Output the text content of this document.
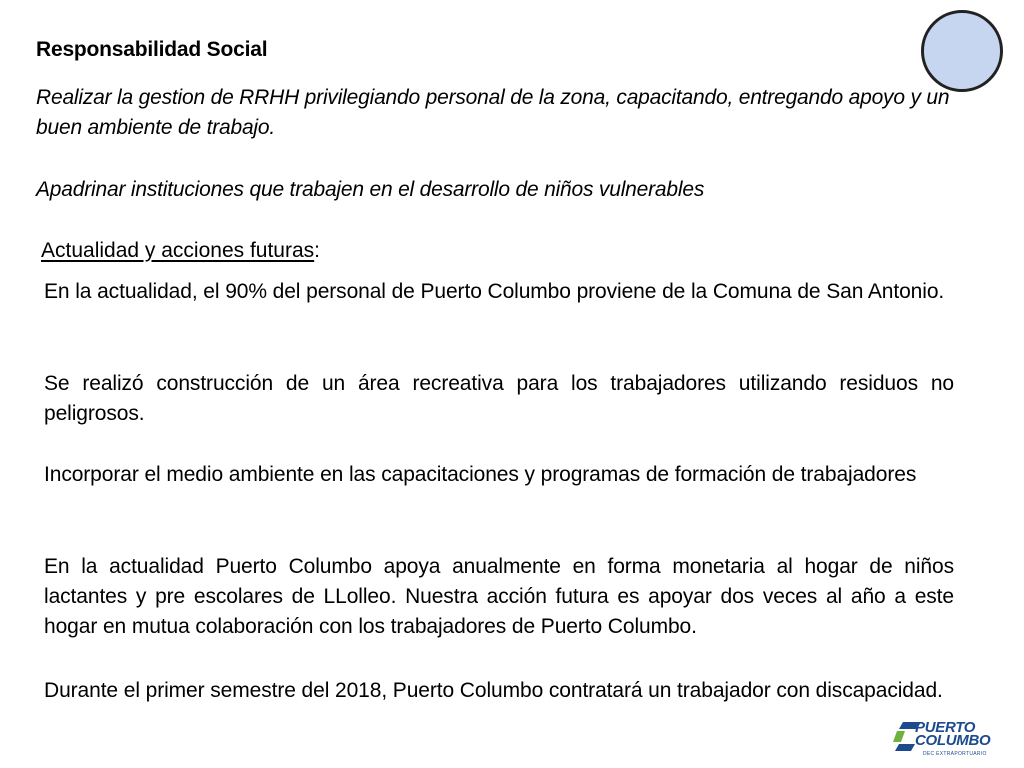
Responsabilidad Social
Realizar la gestion de RRHH privilegiando personal de la zona, capacitando, entregando apoyo y un buen ambiente de trabajo.
Apadrinar instituciones que trabajen en el desarrollo de niños vulnerables
Actualidad y acciones futuras:
En la actualidad, el 90% del personal de Puerto Columbo proviene de la Comuna de San Antonio.
Se realizó construcción de un área recreativa para los trabajadores utilizando residuos no peligrosos.
Incorporar el medio ambiente en las capacitaciones y programas de formación de trabajadores
En la actualidad Puerto Columbo apoya anualmente en forma monetaria al hogar de niños lactantes y pre escolares de LLolleo. Nuestra acción futura es apoyar dos veces al año a este hogar en mutua colaboración con los trabajadores de Puerto Columbo.
Durante el primer semestre del 2018, Puerto Columbo contratará un trabajador con discapacidad.
PUERTO
COLUMBO
DEC EXTRAPORTUARIO
